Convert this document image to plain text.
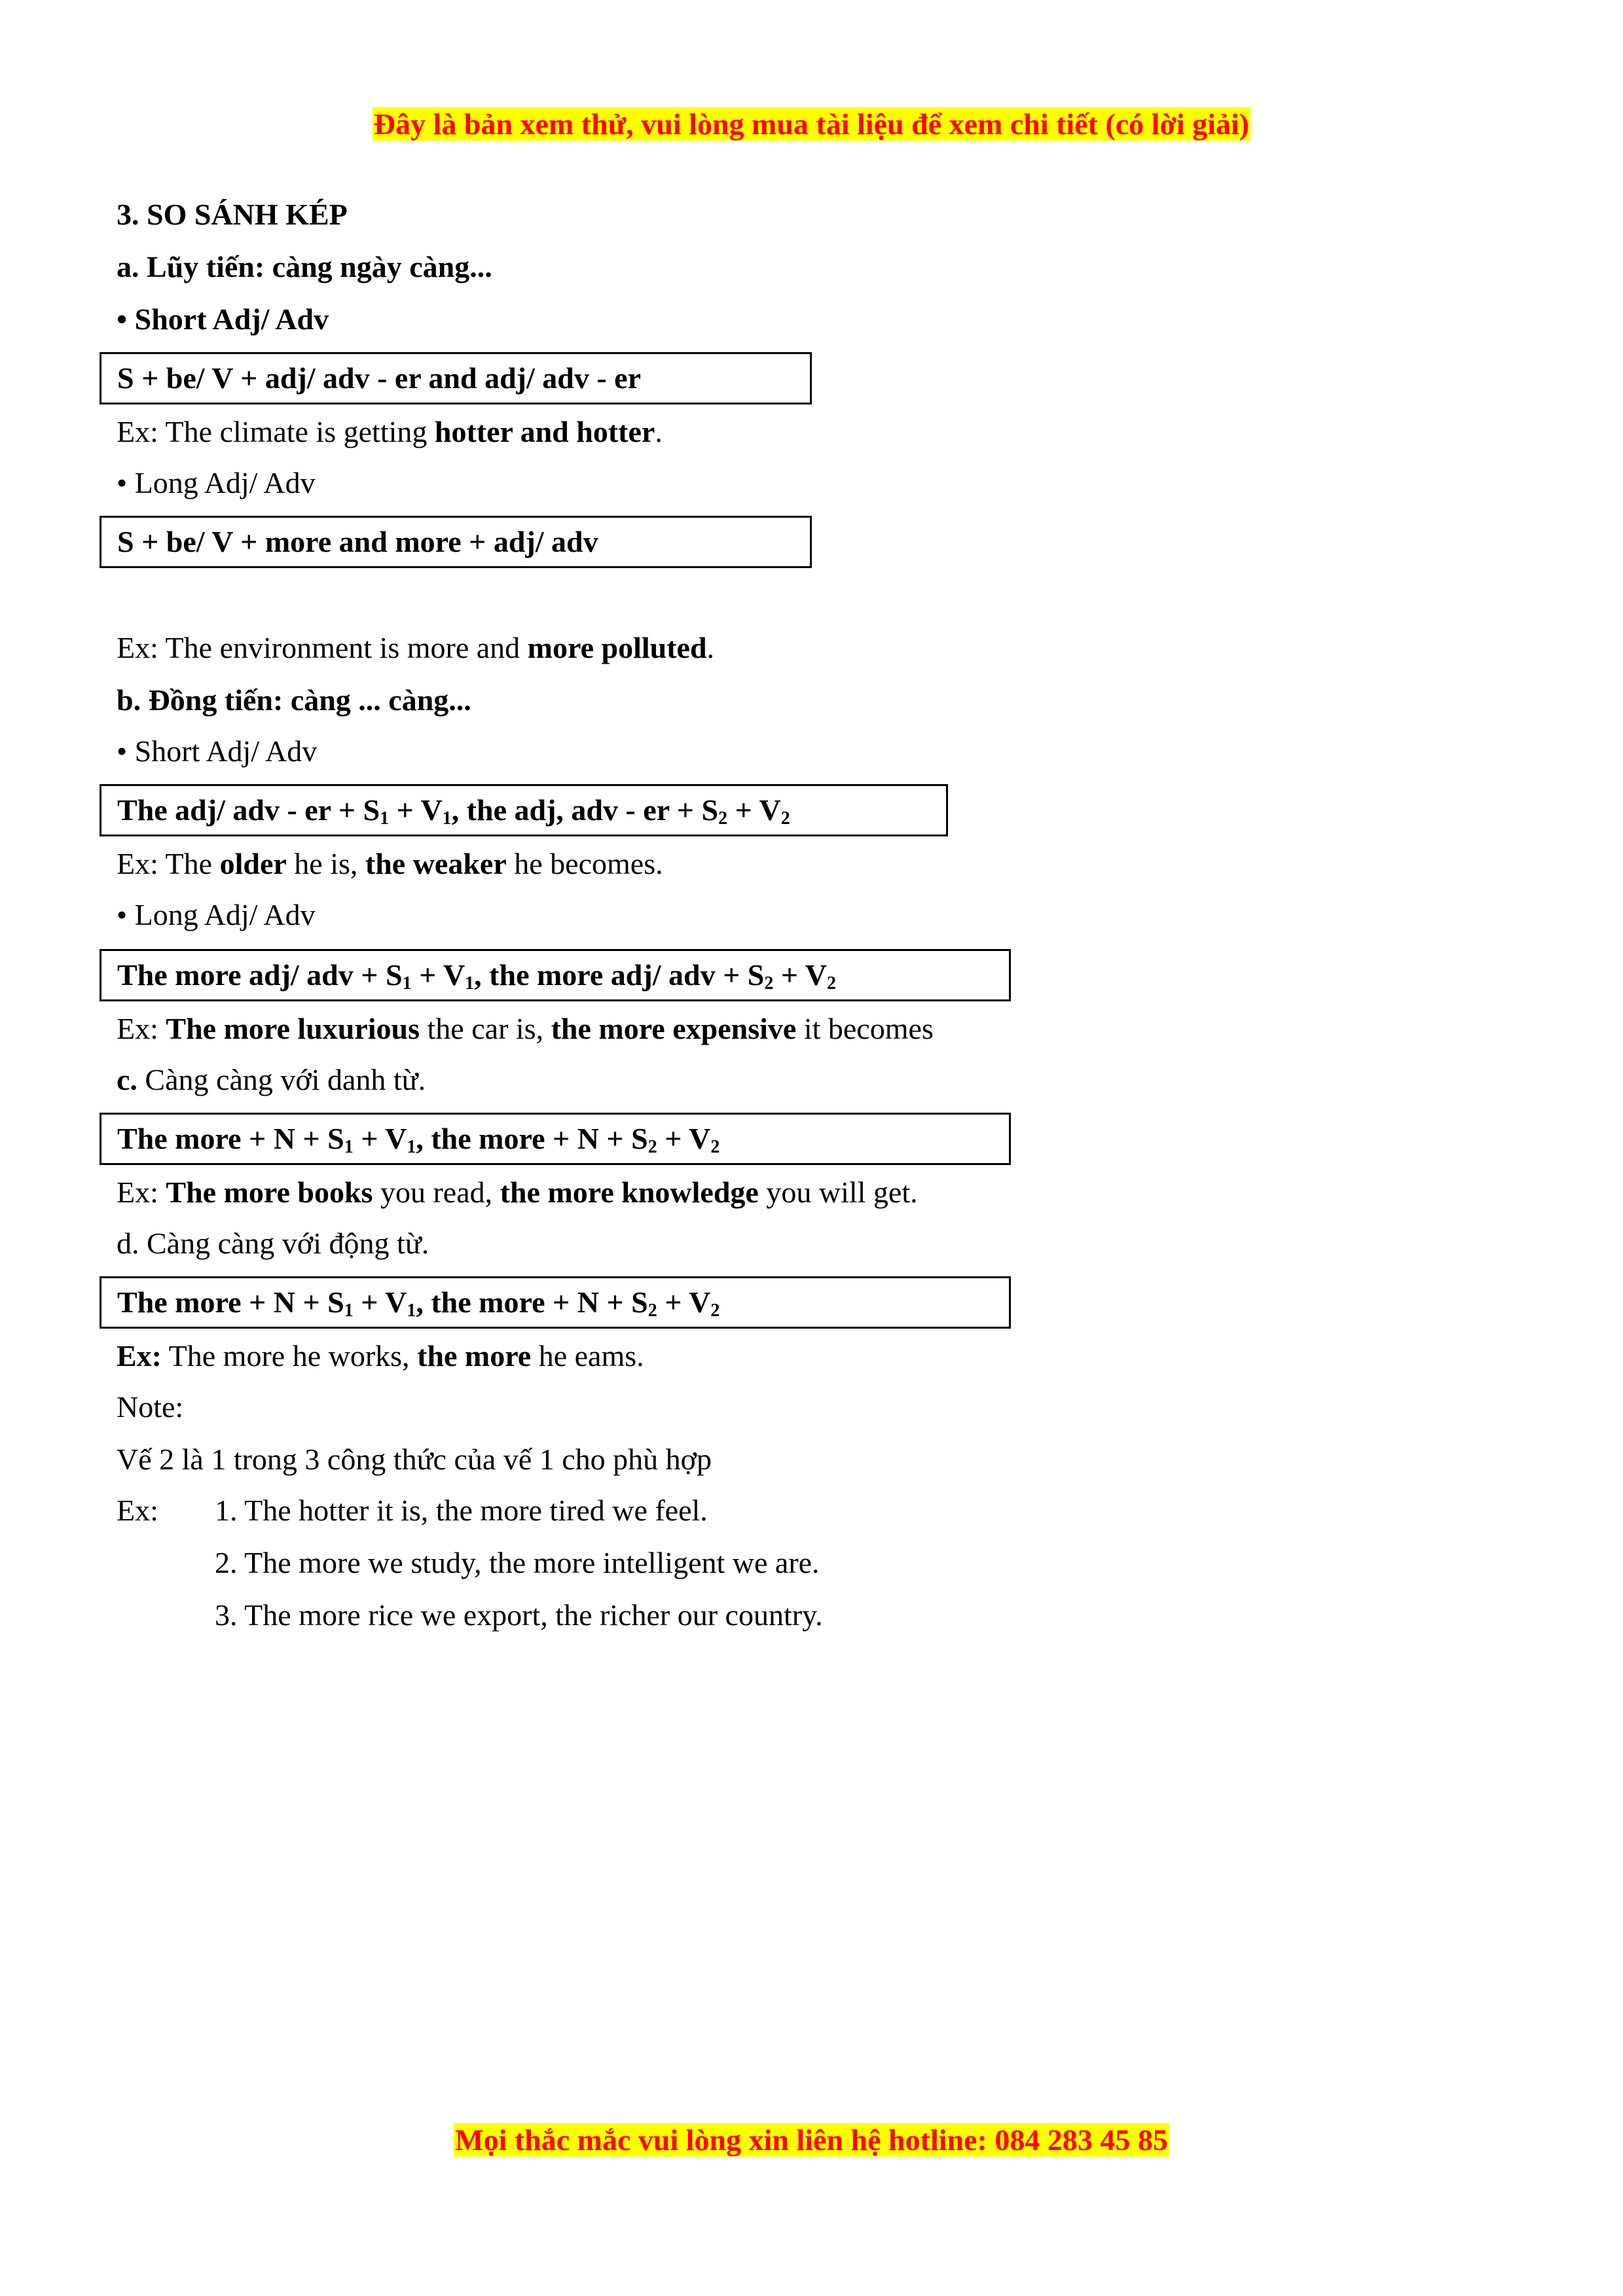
Đây là bản xem thử, vui lòng mua tài liệu để xem chi tiết (có lời giải)
3. SO SÁNH KÉP
a. Lũy tiến: càng ngày càng...
• Short Adj/ Adv
S + be/ V + adj/ adv - er and adj/ adv - er
Ex: The climate is getting hotter and hotter.
• Long Adj/ Adv
S + be/ V + more and more + adj/ adv
Ex: The environment is more and more polluted.
b. Đồng tiến: càng ... càng...
• Short Adj/ Adv
The adj/ adv - er + $S_1 + V_1$, the adj, adv - er + $S_2 + V_2$
Ex: The older he is, the weaker he becomes.
• Long Adj/ Adv
The more adj/ adv + $S_1 + V_1$, the more adj/ adv + $S_2 + V_2$
Ex: The more luxurious the car is, the more expensive it becomes
c. Càng càng với danh từ.
The more + $N + S_1 + V_1$, the more + $N + S_2 + V_2$
Ex: The more books you read, the more knowledge you will get.
d. Càng càng với động từ.
The more + $N + S_1 + V_1$, the more + $N + S_2 + V_2$
Ex: The more he works, the more he eams.
Note:
Vế 2 là 1 trong 3 công thức của vế 1 cho phù hợp
Ex: 1. The hotter it is, the more tired we feel.
2. The more we study, the more intelligent we are.
3. The more rice we export, the richer our country.
Mọi thắc mắc vui lòng xin liên hệ hotline: 084 283 45 85
